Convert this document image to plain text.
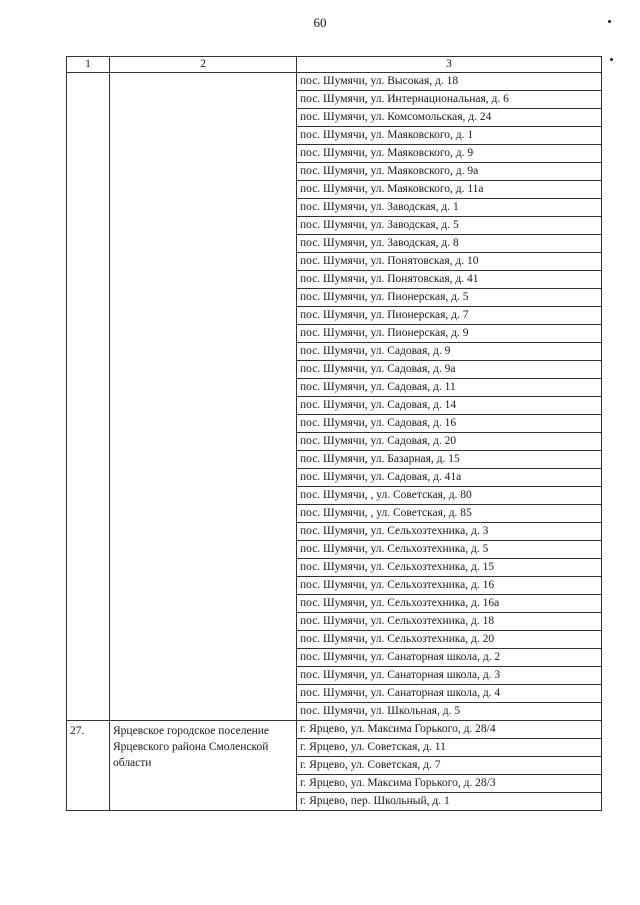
60
1	2	3
		пос. Шумячи, ул. Высокая, д. 18
		пос. Шумячи, ул. Интернациональная, д. 6
		пос. Шумячи, ул. Комсомольская, д. 24
		пос. Шумячи, ул. Маяковского, д. 1
		пос. Шумячи, ул. Маяковского, д. 9
		пос. Шумячи, ул. Маяковского, д. 9а
		пос. Шумячи, ул. Маяковского, д. 11а
		пос. Шумячи, ул. Заводская, д. 1
		пос. Шумячи, ул. Заводская, д. 5
		пос. Шумячи, ул. Заводская, д. 8
		пос. Шумячи, ул. Понятовская, д. 10
		пос. Шумячи, ул. Понятовская, д. 41
		пос. Шумячи, ул. Пионерская, д. 5
		пос. Шумячи, ул. Пионерская, д. 7
		пос. Шумячи, ул. Пионерская, д. 9
		пос. Шумячи, ул. Садовая, д. 9
		пос. Шумячи, ул. Садовая, д. 9а
		пос. Шумячи, ул. Садовая, д. 11
		пос. Шумячи, ул. Садовая, д. 14
		пос. Шумячи, ул. Садовая, д. 16
		пос. Шумячи, ул. Садовая, д. 20
		пос. Шумячи, ул. Базарная, д. 15
		пос. Шумячи, ул. Садовая, д. 41а
		пос. Шумячи, , ул. Советская, д. 80
		пос. Шумячи, , ул. Советская, д. 85
		пос. Шумячи, ул. Сельхозтехника, д. 3
		пос. Шумячи, ул. Сельхозтехника, д. 5
		пос. Шумячи, ул. Сельхозтехника, д. 15
		пос. Шумячи, ул. Сельхозтехника, д. 16
		пос. Шумячи, ул. Сельхозтехника, д. 16а
		пос. Шумячи, ул. Сельхозтехника, д. 18
		пос. Шумячи, ул. Сельхозтехника, д. 20
		пос. Шумячи, ул. Санаторная школа, д. 2
		пос. Шумячи, ул. Санаторная школа, д. 3
		пос. Шумячи, ул. Санаторная школа, д. 4
		пос. Шумячи, ул. Школьная, д. 5
27.	Ярцевское городское поселение Ярцевского района Смоленской области	г. Ярцево, ул. Максима Горького, д. 28/4
		г. Ярцево, ул. Советская, д. 11
		г. Ярцево, ул. Советская, д. 7
		г. Ярцево, ул. Максима Горького, д. 28/3
		г. Ярцево, пер. Школьный, д. 1
